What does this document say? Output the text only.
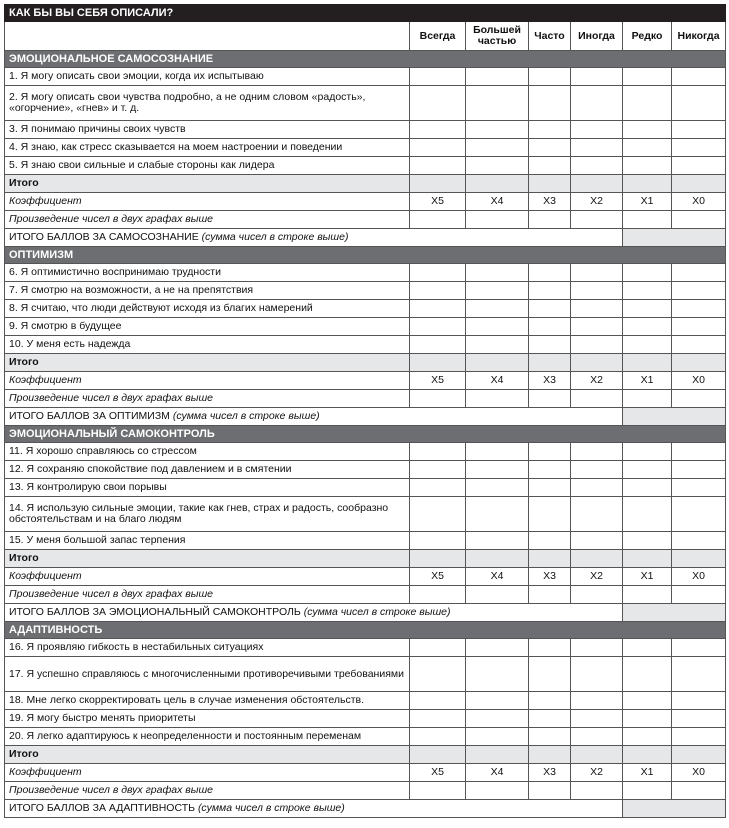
КАК БЫ ВЫ СЕБЯ ОПИСАЛИ?						
	Всегда	Большей частью	Часто	Иногда	Редко	Никогда
ЭМОЦИОНАЛЬНОЕ САМОСОЗНАНИЕ						
1. Я могу описать свои эмоции, когда их испытываю						
2. Я могу описать свои чувства подробно, а не одним словом «радость», «огорчение», «гнев» и т. д.						
3. Я понимаю причины своих чувств						
4. Я знаю, как стресс сказывается на моем настроении и поведении						
5. Я знаю свои сильные и слабые стороны как лидера						
Итого						
Коэффициент	X5	X4	X3	X2	X1	X0
Произведение чисел в двух графах выше						
ИТОГО БАЛЛОВ ЗА САМОСОЗНАНИЕ (сумма чисел в строке выше)						
ОПТИМИЗМ						
6. Я оптимистично воспринимаю трудности						
7. Я смотрю на возможности, а не на препятствия						
8. Я считаю, что люди действуют исходя из благих намерений						
9. Я смотрю в будущее						
10. У меня есть надежда						
Итого						
Коэффициент	X5	X4	X3	X2	X1	X0
Произведение чисел в двух графах выше						
ИТОГО БАЛЛОВ ЗА ОПТИМИЗМ (сумма чисел в строке выше)						
ЭМОЦИОНАЛЬНЫЙ САМОКОНТРОЛЬ						
11. Я хорошо справляюсь со стрессом						
12. Я сохраняю спокойствие под давлением и в смятении						
13. Я контролирую свои порывы						
14. Я использую сильные эмоции, такие как гнев, страх и радость, сообразно обстоятельствам и на благо людям						
15. У меня большой запас терпения						
Итого						
Коэффициент	X5	X4	X3	X2	X1	X0
Произведение чисел в двух графах выше						
ИТОГО БАЛЛОВ ЗА ЭМОЦИОНАЛЬНЫЙ САМОКОНТРОЛЬ (сумма чисел в строке выше)						
АДАПТИВНОСТЬ						
16. Я проявляю гибкость в нестабильных ситуациях						
17. Я успешно справляюсь с многочисленными противоречивыми требованиями						
18. Мне легко скорректировать цель в случае изменения обстоятельств.						
19. Я могу быстро менять приоритеты						
20. Я легко адаптируюсь к неопределенности и постоянным переменам						
Итого						
Коэффициент	X5	X4	X3	X2	X1	X0
Произведение чисел в двух графах выше						
ИТОГО БАЛЛОВ ЗА АДАПТИВНОСТЬ (сумма чисел в строке выше)						
